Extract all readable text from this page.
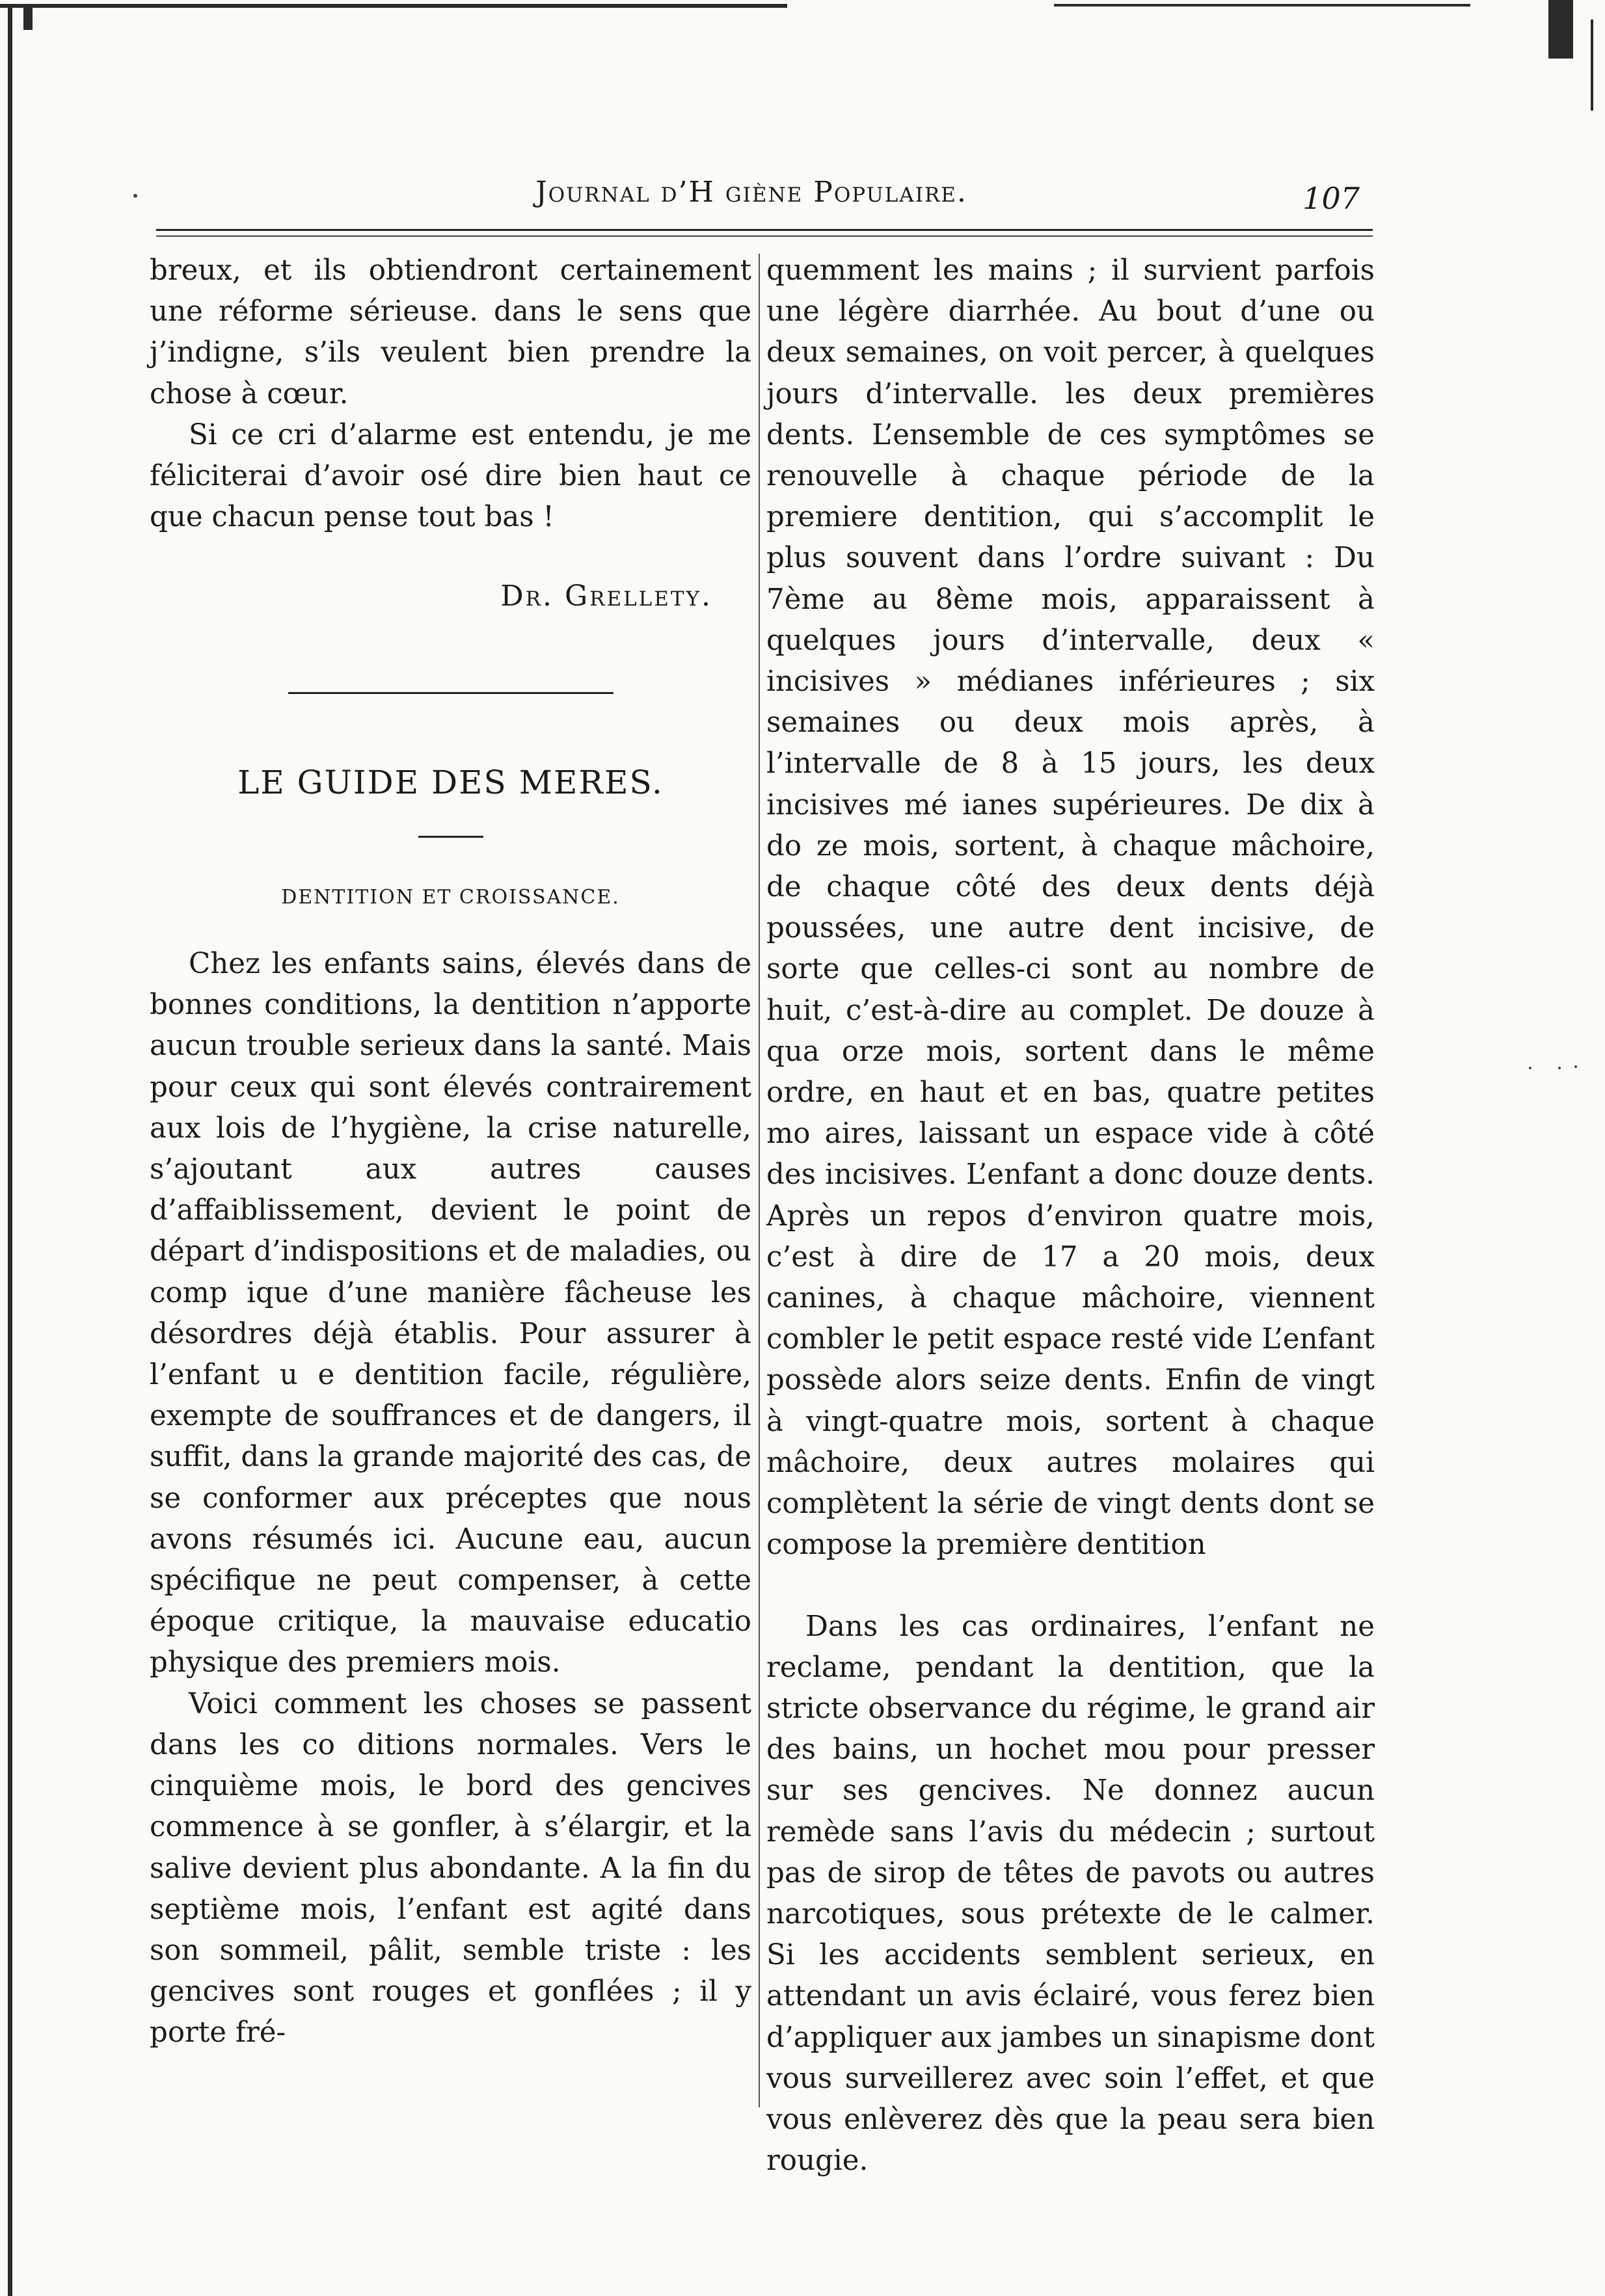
Journal d’H giène Populaire.	107

breux, et ils obtiendront certainement une réforme sérieuse. dans le sens que j’indigne, s’ils veulent bien prendre la chose à cœur.

Si ce cri d’alarme est entendu, je me féliciterai d’avoir osé dire bien haut ce que chacun pense tout bas !

Dr. Grellety.
LE GUIDE DES MERES.
DENTITION ET CROISSANCE.

Chez les enfants sains, élevés dans de bonnes conditions, la dentition n’apporte aucun trouble serieux dans la santé. Mais pour ceux qui sont élevés contrairement aux lois de l’hygiène, la crise naturelle, s’ajoutant aux autres causes d’affaiblissement, devient le point de départ d’indispositions et de maladies, ou comp ique d’une manière fâcheuse les désordres déjà établis. Pour assurer à l’enfant u e dentition facile, régulière, exempte de souffrances et de dangers, il suffit, dans la grande majorité des cas, de se conformer aux préceptes que nous avons résumés ici. Aucune eau, aucun spécifique ne peut compenser, à cette époque critique, la mauvaise educatio physique des premiers mois.

Voici comment les choses se passent dans les co ditions normales. Vers le cinquième mois, le bord des gencives commence à se gonfler, à s’élargir, et la salive devient plus abondante. A la fin du septième mois, l’enfant est agité dans son sommeil, pâlit, semble triste : les gencives sont rouges et gonflées ; il y porte fré-

quemment les mains ; il survient parfois une légère diarrhée. Au bout d’une ou deux semaines, on voit percer, à quelques jours d’intervalle. les deux premières dents. L’ensemble de ces symptômes se renouvelle à chaque période de la premiere dentition, qui s’accomplit le plus souvent dans l’ordre suivant : Du 7ème au 8ème mois, apparaissent à quelques jours d’intervalle, deux « incisives » médianes inférieures ; six semaines ou deux mois après, à l’intervalle de 8 à 15 jours, les deux incisives mé ianes supérieures. De dix à do ze mois, sortent, à chaque mâchoire, de chaque côté des deux dents déjà poussées, une autre dent incisive, de sorte que celles-ci sont au nombre de huit, c’est-à-dire au complet. De douze à qua orze mois, sortent dans le même ordre, en haut et en bas, quatre petites mo aires, laissant un espace vide à côté des incisives. L’enfant a donc douze dents. Après un repos d’environ quatre mois, c’est à dire de 17 a 20 mois, deux canines, à chaque mâchoire, viennent combler le petit espace resté vide L’enfant possède alors seize dents. Enfin de vingt à vingt-quatre mois, sortent à chaque mâchoire, deux autres molaires qui complètent la série de vingt dents dont se compose la première dentition

Dans les cas ordinaires, l’enfant ne reclame, pendant la dentition, que la stricte observance du régime, le grand air des bains, un hochet mou pour presser sur ses gencives. Ne donnez aucun remède sans l’avis du médecin ; surtout pas de sirop de têtes de pavots ou autres narcotiques, sous prétexte de le calmer. Si les accidents semblent serieux, en attendant un avis éclairé, vous ferez bien d’appliquer aux jambes un sinapisme dont vous surveillerez avec soin l’effet, et que vous enlèverez dès que la peau sera bien rougie.
